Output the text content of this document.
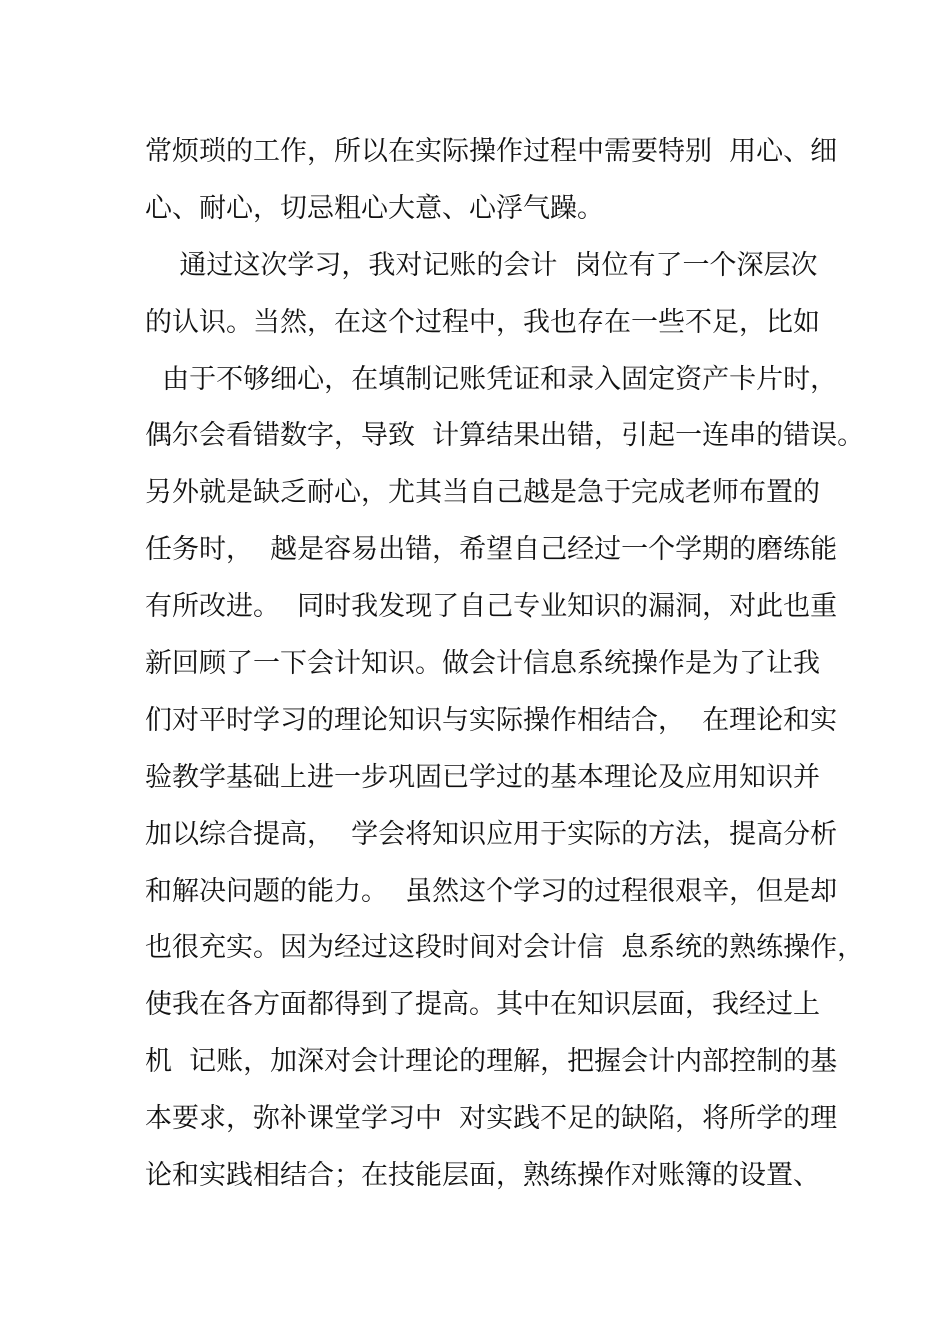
常烦琐的工作，所以在实际操作过程中需要特别  用心、细
心、耐心，切忌粗心大意、心浮气躁。
通过这次学习，我对记账的会计  岗位有了一个深层次
的认识。当然，在这个过程中，我也存在一些不足，比如
由于不够细心，在填制记账凭证和录入固定资产卡片时，
偶尔会看错数字，导致  计算结果出错，引起一连串的错误。
另外就是缺乏耐心，尤其当自己越是急于完成老师布置的
任务时，  越是容易出错，希望自己经过一个学期的磨练能
有所改进。  同时我发现了自己专业知识的漏洞，对此也重
新回顾了一下会计知识。做会计信息系统操作是为了让我
们对平时学习的理论知识与实际操作相结合，  在理论和实
验教学基础上进一步巩固已学过的基本理论及应用知识并
加以综合提高，  学会将知识应用于实际的方法，提高分析
和解决问题的能力。  虽然这个学习的过程很艰辛，但是却
也很充实。因为经过这段时间对会计信  息系统的熟练操作，
使我在各方面都得到了提高。其中在知识层面，我经过上
机  记账，加深对会计理论的理解，把握会计内部控制的基
本要求，弥补课堂学习中  对实践不足的缺陷，将所学的理
论和实践相结合；在技能层面，熟练操作对账簿的设置、
